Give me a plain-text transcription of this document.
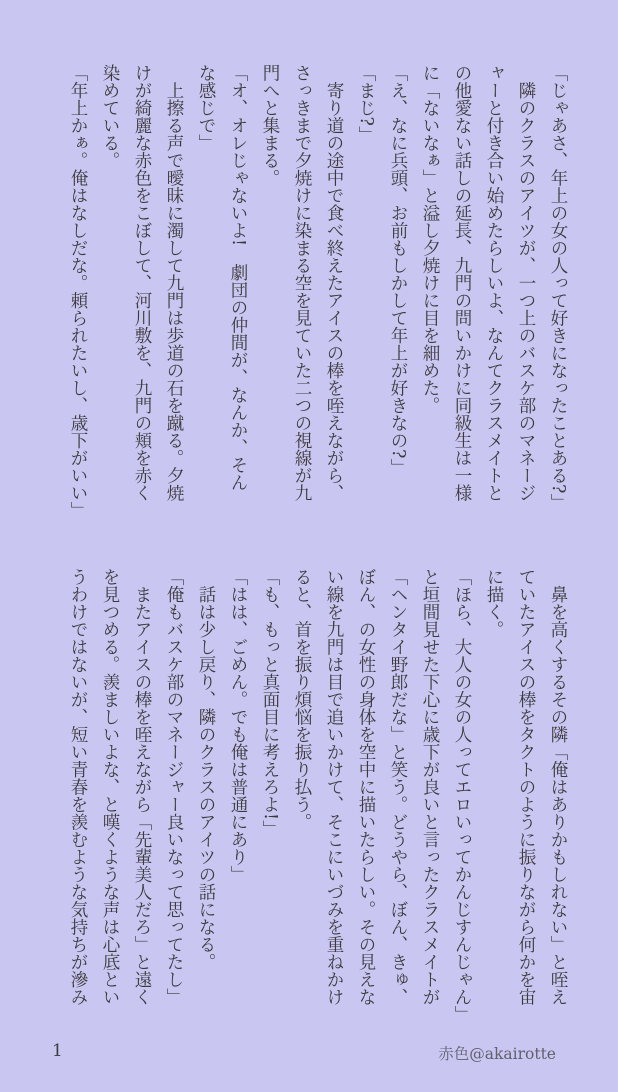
「じゃあさ、年上の女の人って好きになったことある?」
　隣のクラスのアイツが、一つ上のバスケ部のマネージ
ャーと付き合い始めたらしいよ、なんてクラスメイトと
の他愛ない話しの延長、九門の問いかけに同級生は一様
に「ないなぁ」と溢し夕焼けに目を細めた。
「え、なに兵頭、お前もしかして年上が好きなの?」
「まじ?」
　寄り道の途中で食べ終えたアイスの棒を咥えながら、
さっきまで夕焼けに染まる空を見ていた二つの視線が九
門へと集まる。
「オ、オレじゃないよ!　劇団の仲間が、なんか、そん
な感じで」
　上擦る声で曖昧に濁して九門は歩道の石を蹴る。夕焼
けが綺麗な赤色をこぼして、河川敷を、九門の頬を赤く
染めている。
「年上かぁ。俺はなしだな。頼られたいし、歳下がいい」
　鼻を高くするその隣「俺はありかもしれない」と咥え
ていたアイスの棒をタクトのように振りながら何かを宙
に描く。
「ほら、大人の女の人ってエロいってかんじすんじゃん」
と垣間見せた下心に歳下が良いと言ったクラスメイトが
「ヘンタイ野郎だな」と笑う。どうやら、ぼん、きゅ、
ぼん、の女性の身体を空中に描いたらしい。その見えな
い線を九門は目で追いかけて、そこにいづみを重ねかけ
ると、首を振り煩悩を振り払う。
「も、もっと真面目に考えろよ!」
「はは、ごめん。でも俺は普通にあり」
　話は少し戻り、隣のクラスのアイツの話になる。
「俺もバスケ部のマネージャー良いなって思ってたし」
　またアイスの棒を咥えながら「先輩美人だろ」と遠く
を見つめる。羨ましいよな、と嘆くような声は心底とい
うわけではないが、短い青春を羨むような気持ちが滲み
1	赤色@akairotte
